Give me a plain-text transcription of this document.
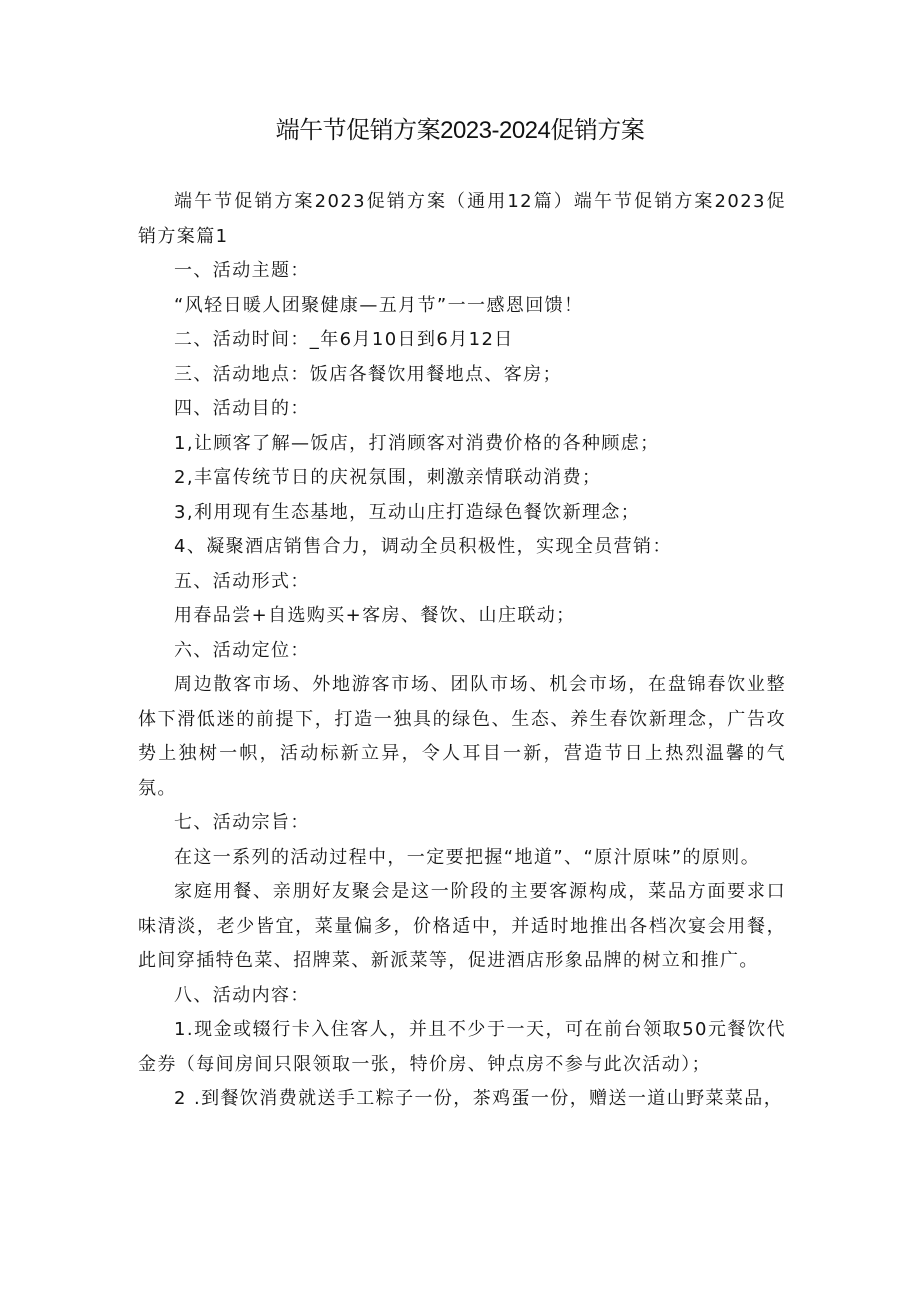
端午节促销方案2023-2024促销方案

端午节促销方案2023促销方案（通用12篇）端午节促销方案2023促销方案篇1

一、活动主题：

“风轻日暖人团聚健康—五月节”一一感恩回馈！

二、活动时间：_年6月10日到6月12日

三、活动地点：饭店各餐饮用餐地点、客房；

四、活动目的：

1,让顾客了解—饭店，打消顾客对消费价格的各种顾虑；

2,丰富传统节日的庆祝氛围，刺激亲情联动消费；

3,利用现有生态基地，互动山庄打造绿色餐饮新理念；

4、凝聚酒店销售合力，调动全员积极性，实现全员营销：

五、活动形式：

用春品尝+自选购买+客房、餐饮、山庄联动；

六、活动定位：

周边散客市场、外地游客市场、团队市场、机会市场，在盘锦春饮业整体下滑低迷的前提下，打造一独具的绿色、生态、养生春饮新理念，广告攻势上独树一帜，活动标新立异，令人耳目一新，营造节日上热烈温馨的气氛。

七、活动宗旨：

在这一系列的活动过程中，一定要把握“地道”、“原汁原味”的原则。

家庭用餐、亲朋好友聚会是这一阶段的主要客源构成，菜品方面要求口味清淡，老少皆宜，菜量偏多，价格适中，并适时地推出各档次宴会用餐，此间穿插特色菜、招牌菜、新派菜等，促进酒店形象品牌的树立和推广。

八、活动内容：

1.现金或辍行卡入住客人，并且不少于一天，可在前台领取50元餐饮代金券（每间房间只限领取一张，特价房、钟点房不参与此次活动）；

2 .到餐饮消费就送手工粽子一份，茶鸡蛋一份，赠送一道山野菜菜品，
